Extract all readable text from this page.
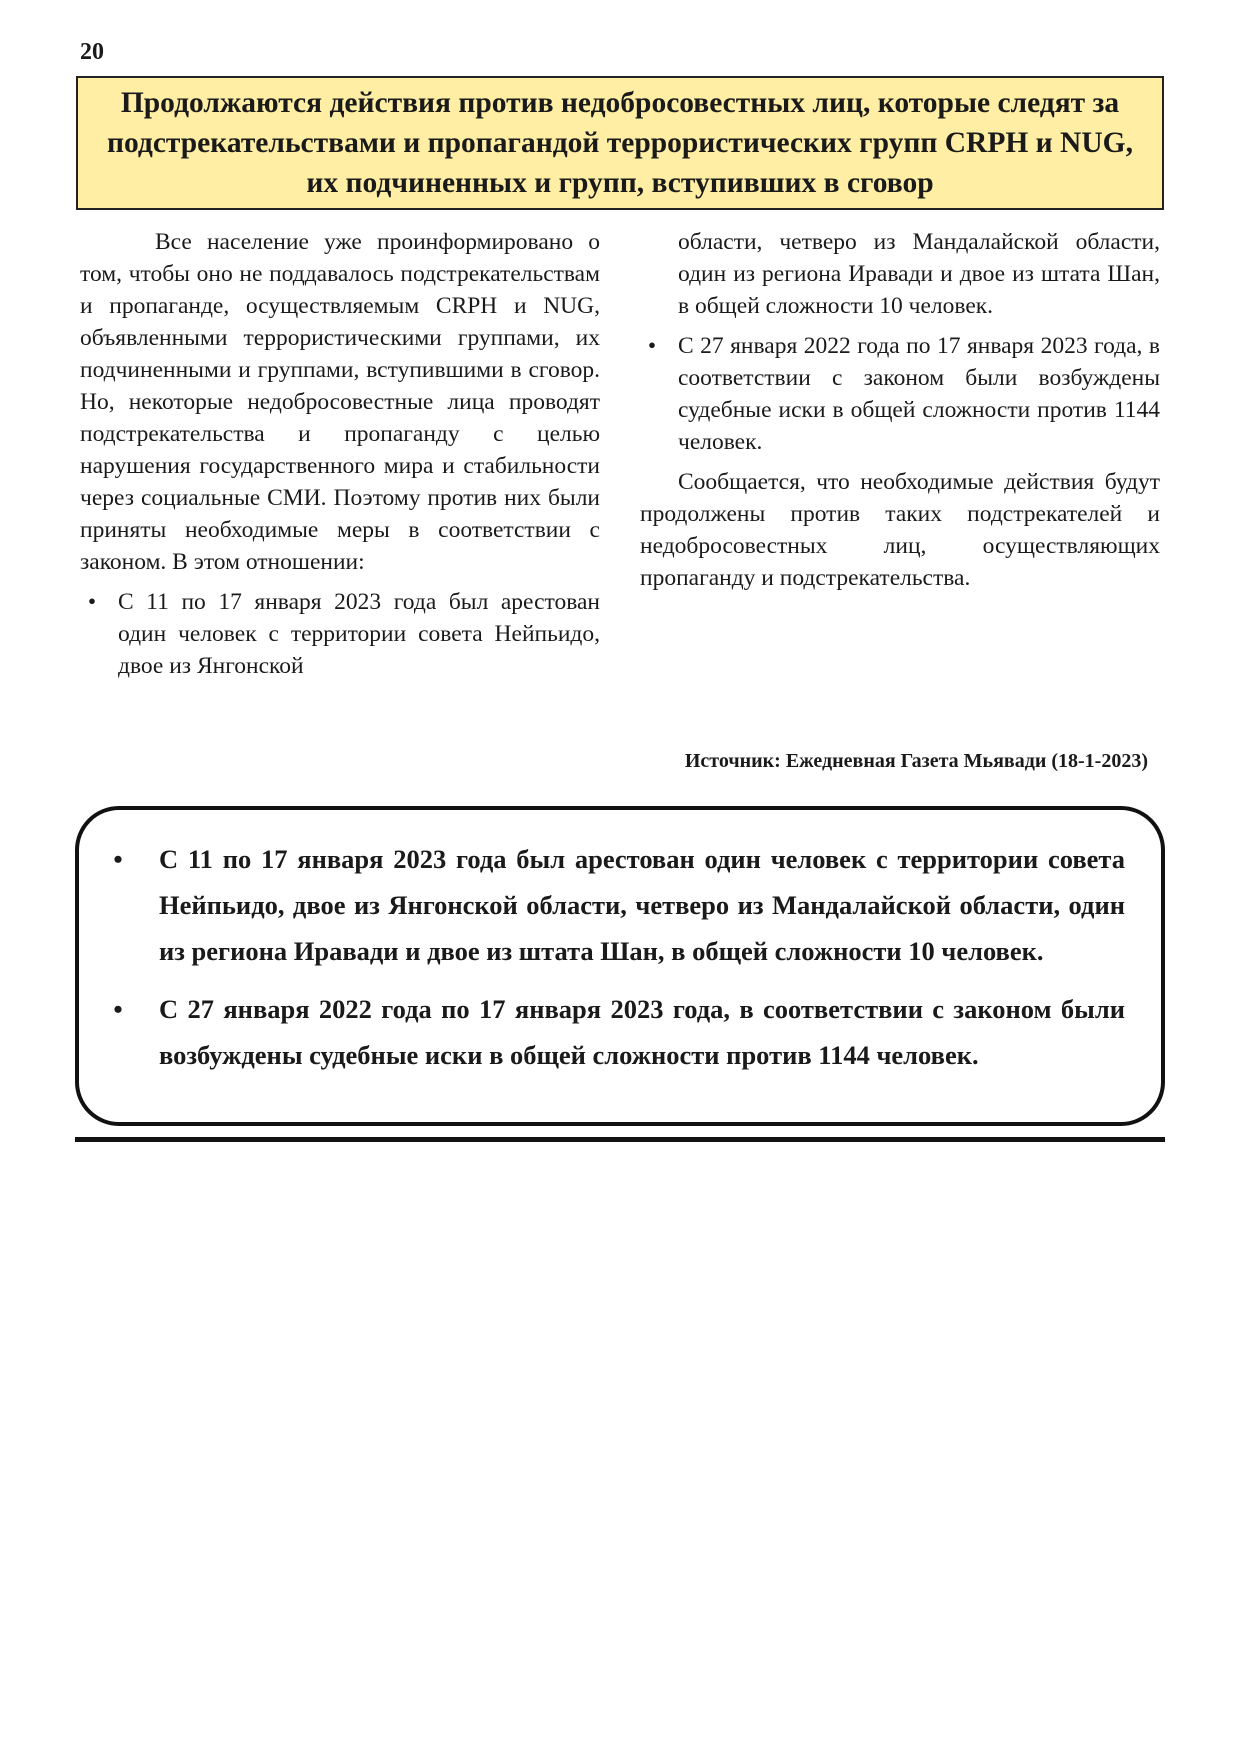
20
Продолжаются действия против недобросовестных лиц, которые следят за подстрекательствами и пропагандой террористических групп CRPH и NUG, их подчиненных и групп, вступивших в сговор

Все население уже проинформировано о том, чтобы оно не поддавалось подстрекательствам и пропаганде, осуществляемым CRPH и NUG, объявленными террористическими группами, их подчиненными и группами, вступившими в сговор. Но, некоторые недобросовестные лица проводят подстрекательства и пропаганду с целью нарушения государственного мира и стабильности через социальные СМИ. Поэтому против них были приняты необходимые меры в соответствии с законом. В этом отношении:

• С 11 по 17 января 2023 года был арестован один человек с территории совета Нейпьидо, двое из Янгонской

области, четверо из Мандалайской области, один из региона Иравади и двое из штата Шан, в общей сложности 10 человек.

• С 27 января 2022 года по 17 января 2023 года, в соответствии с законом были возбуждены судебные иски в общей сложности против 1144 человек.

Сообщается, что необходимые действия будут продолжены против таких подстрекателей и недобросовестных лиц, осуществляющих пропаганду и подстрекательства.

Источник: Ежедневная Газета Мьявади (18-1-2023)
•	С 11 по 17 января 2023 года был арестован один человек с территории совета Нейпьидо, двое из Янгонской области, четверо из Мандалайской области, один из региона Иравади и двое из штата Шан, в общей сложности 10 человек.
•	С 27 января 2022 года по 17 января 2023 года, в соответствии с законом были возбуждены судебные иски в общей сложности против 1144 человек.
